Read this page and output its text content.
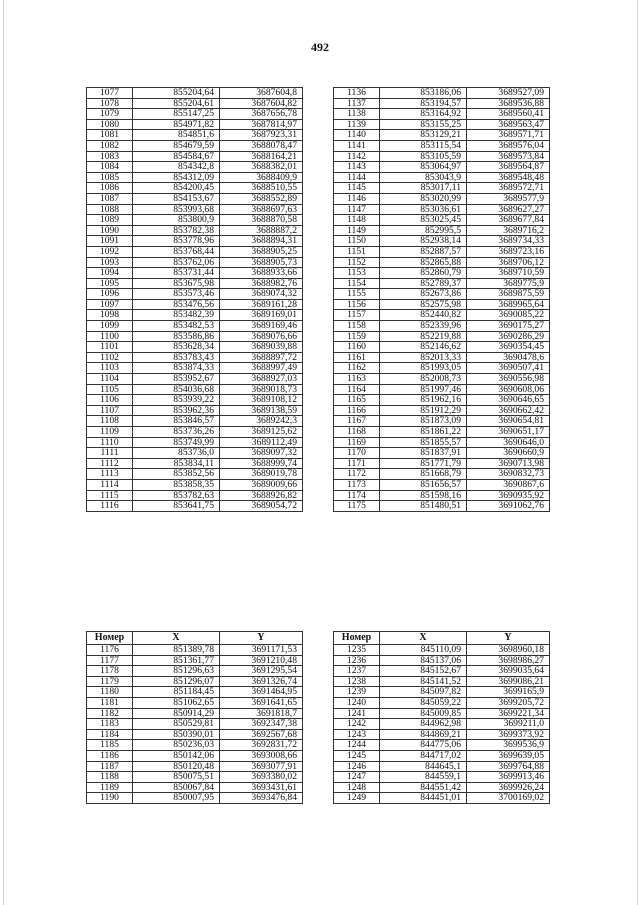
492
1077	855204,64	3687604,8
1078	855204,61	3687604,82
1079	855147,25	3687656,78
1080	854971,82	3687814,97
1081	854851,6	3687923,31
1082	854679,59	3688078,47
1083	854584,67	3688164,21
1084	854342,8	3688382,01
1085	854312,09	3688409,9
1086	854200,45	3688510,55
1087	854153,67	3688552,89
1088	853993,68	3688697,63
1089	853800,9	3688870,58
1090	853782,38	3688887,2
1091	853778,96	3688894,31
1092	853768,44	3688905,25
1093	853762,06	3688905,73
1094	853731,44	3688933,66
1095	853675,98	3688982,76
1096	853573,46	3689074,32
1097	853476,56	3689161,28
1098	853482,39	3689169,01
1099	853482,53	3689169,46
1100	853586,86	3689076,66
1101	853628,34	3689039,88
1102	853783,43	3688897,72
1103	853874,33	3688997,49
1104	853952,67	3688927,03
1105	854036,68	3689018,73
1106	853939,22	3689108,12
1107	853962,36	3689138,59
1108	853846,57	3689242,3
1109	853736,26	3689125,62
1110	853749,99	3689112,49
1111	853736,0	3689097,32
1112	853834,11	3688999,74
1113	853852,56	3689019,78
1114	853858,35	3689009,66
1115	853782,63	3688926,82
1116	853641,75	3689054,72
1136	853186,06	3689527,09
1137	853194,57	3689536,88
1138	853164,92	3689560,41
1139	853155,25	3689563,47
1140	853129,21	3689571,71
1141	853115,54	3689576,04
1142	853105,59	3689573,84
1143	853064,97	3689564,87
1144	853043,9	3689548,48
1145	853017,11	3689572,71
1146	853020,99	3689577,9
1147	853036,61	3689627,27
1148	853025,45	3689677,84
1149	852995,5	3689716,2
1150	852938,14	3689734,33
1151	852887,57	3689723,16
1152	852865,88	3689706,12
1153	852860,79	3689710,59
1154	852789,37	3689775,9
1155	852673,86	3689875,59
1156	852575,98	3689965,64
1157	852440,82	3690085,22
1158	852339,96	3690175,27
1159	852219,88	3690286,29
1160	852146,62	3690354,45
1161	852013,33	3690478,6
1162	851993,05	3690507,41
1163	852008,73	3690556,98
1164	851997,46	3690608,06
1165	851962,16	3690646,65
1166	851912,29	3690662,42
1167	851873,09	3690654,81
1168	851861,22	3690651,17
1169	851855,57	3690646,0
1170	851837,91	3690660,9
1171	851771,79	3690713,98
1172	851668,79	3690832,73
1173	851656,57	3690867,6
1174	851598,16	3690935,92
1175	851480,51	3691062,76
Номер	X	Y
1176	851389,78	3691171,53
1177	851361,77	3691210,48
1178	851296,63	3691295,54
1179	851296,07	3691326,74
1180	851184,45	3691464,95
1181	851062,65	3691641,65
1182	850914,29	3691818,7
1183	850529,81	3692347,38
1184	850390,01	3692567,68
1185	850236,03	3692831,72
1186	850142,06	3693008,66
1187	850120,48	3693077,91
1188	850075,51	3693380,02
1189	850067,84	3693431,61
1190	850007,95	3693476,84
Номер	X	Y
1235	845110,09	3698960,18
1236	845137,06	3698986,27
1237	845152,67	3699035,64
1238	845141,52	3699086,21
1239	845097,82	3699165,9
1240	845059,22	3699205,72
1241	845009,85	3699221,34
1242	844962,98	3699211,0
1243	844869,21	3699373,92
1244	844775,06	3699536,9
1245	844717,02	3699639,05
1246	844645,1	3699764,88
1247	844559,1	3699913,46
1248	844551,42	3699926,24
1249	844451,01	3700169,02
